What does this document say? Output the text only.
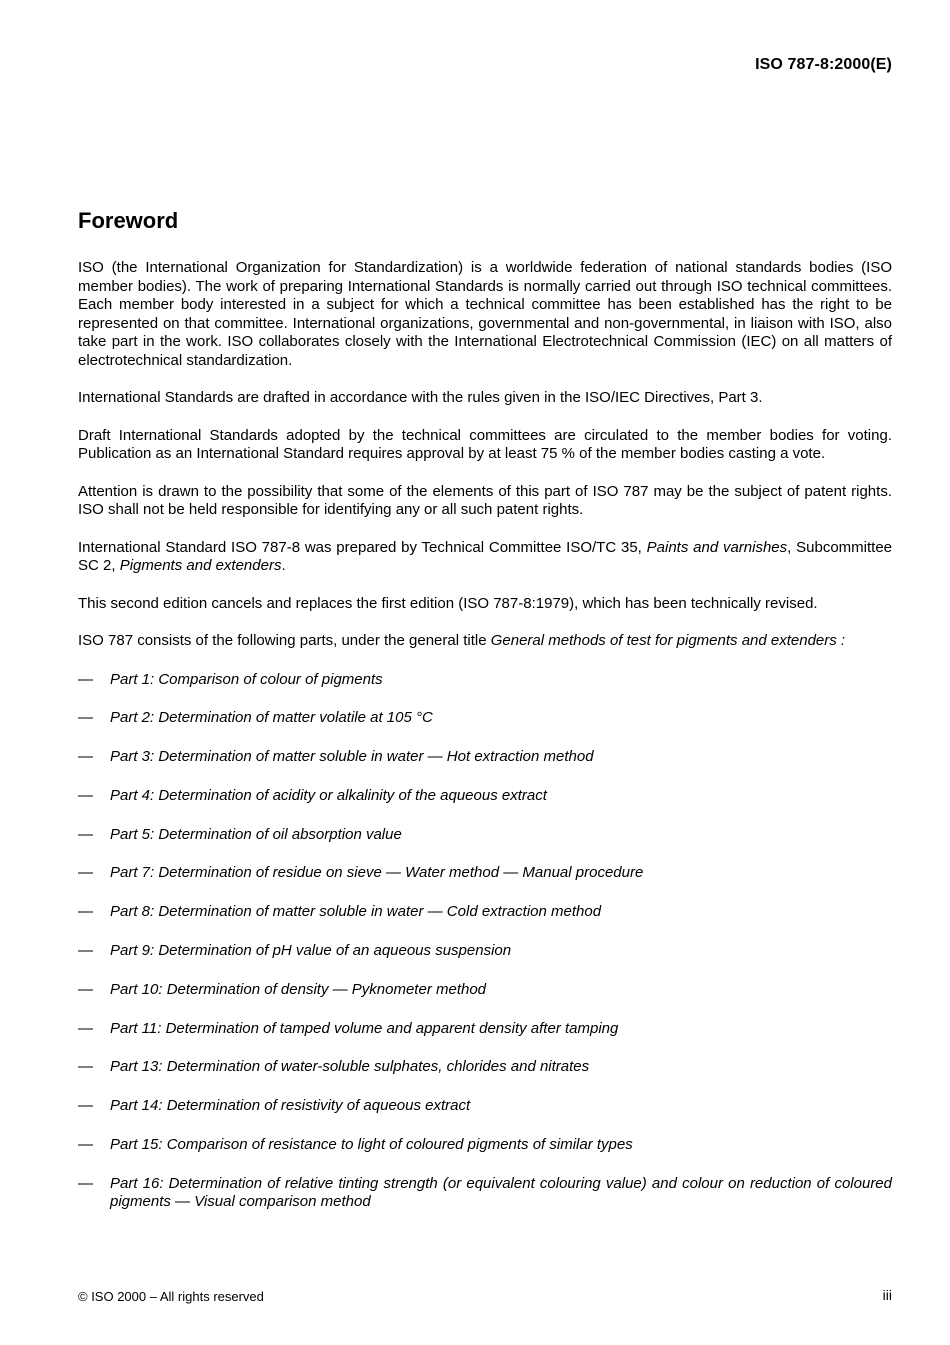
ISO 787-8:2000(E)
Foreword

ISO (the International Organization for Standardization) is a worldwide federation of national standards bodies (ISO member bodies). The work of preparing International Standards is normally carried out through ISO technical committees. Each member body interested in a subject for which a technical committee has been established has the right to be represented on that committee. International organizations, governmental and non-governmental, in liaison with ISO, also take part in the work. ISO collaborates closely with the International Electrotechnical Commission (IEC) on all matters of electrotechnical standardization.

International Standards are drafted in accordance with the rules given in the ISO/IEC Directives, Part 3.

Draft International Standards adopted by the technical committees are circulated to the member bodies for voting. Publication as an International Standard requires approval by at least 75 % of the member bodies casting a vote.

Attention is drawn to the possibility that some of the elements of this part of ISO 787 may be the subject of patent rights. ISO shall not be held responsible for identifying any or all such patent rights.

International Standard ISO 787-8 was prepared by Technical Committee ISO/TC 35, Paints and varnishes, Subcommittee SC 2, Pigments and extenders.

This second edition cancels and replaces the first edition (ISO 787-8:1979), which has been technically revised.

ISO 787 consists of the following parts, under the general title General methods of test for pigments and extenders :

— Part 1: Comparison of colour of pigments
— Part 2: Determination of matter volatile at 105 °C
— Part 3: Determination of matter soluble in water — Hot extraction method
— Part 4: Determination of acidity or alkalinity of the aqueous extract
— Part 5: Determination of oil absorption value
— Part 7: Determination of residue on sieve — Water method — Manual procedure
— Part 8: Determination of matter soluble in water — Cold extraction method
— Part 9: Determination of pH value of an aqueous suspension
— Part 10: Determination of density — Pyknometer method
— Part 11: Determination of tamped volume and apparent density after tamping
— Part 13: Determination of water-soluble sulphates, chlorides and nitrates
— Part 14: Determination of resistivity of aqueous extract
— Part 15: Comparison of resistance to light of coloured pigments of similar types
— Part 16: Determination of relative tinting strength (or equivalent colouring value) and colour on reduction of coloured pigments — Visual comparison method
© ISO 2000 – All rights reserved	iii
